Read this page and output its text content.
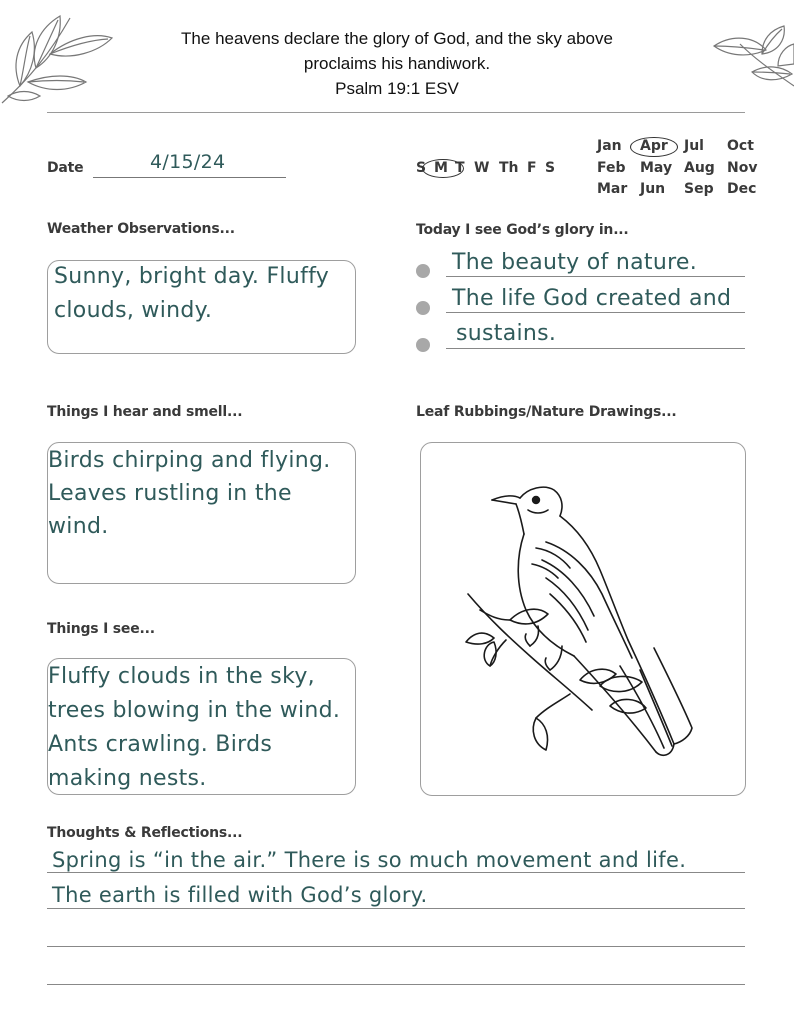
The heavens declare the glory of God, and the sky above
proclaims his handiwork.
Psalm 19:1 ESV
Date	4/15/24	S M T W Th F S
Jan Apr Jul Oct
Feb May Aug Nov
Mar Jun Sep Dec
Weather Observations...
Sunny, bright day. Fluffy
clouds, windy.
Today I see God’s glory in...
The beauty of nature.
The life God created and
sustains.
Things I hear and smell...
Birds chirping and flying.
Leaves rustling in the
wind.
Leaf Rubbings/Nature Drawings...
Things I see...
Fluffy clouds in the sky,
trees blowing in the wind.
Ants crawling. Birds
making nests.
Thoughts & Reflections...
Spring is “in the air.” There is so much movement and life.
The earth is filled with God’s glory.
